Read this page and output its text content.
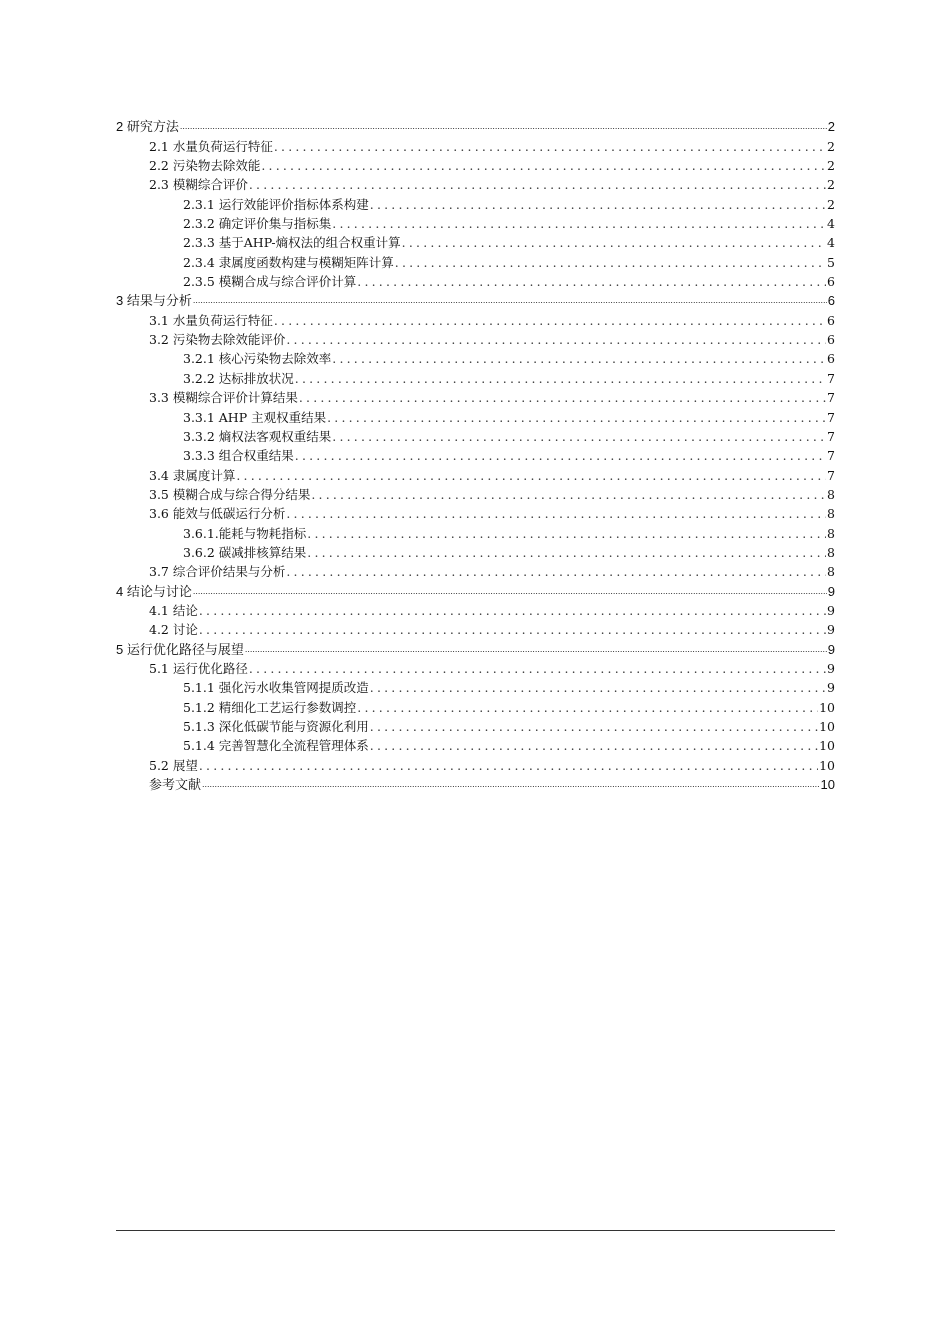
2 研究方法 .....	2
2.1 水量负荷运行特征 .....	2
2.2 污染物去除效能 .....	2
2.3 模糊综合评价 .....	2
2.3.1 运行效能评价指标体系构建 .....	2
2.3.2 确定评价集与指标集 .....	4
2.3.3 基于AHP-熵权法的组合权重计算 .....	4
2.3.4 隶属度函数构建与模糊矩阵计算 .....	5
2.3.5 模糊合成与综合评价计算 .....	6
3 结果与分析 .....	6
3.1 水量负荷运行特征 .....	6
3.2 污染物去除效能评价 .....	6
3.2.1 核心污染物去除效率 .....	6
3.2.2 达标排放状况 .....	7
3.3 模糊综合评价计算结果 .....	7
3.3.1 AHP 主观权重结果 .....	7
3.3.2 熵权法客观权重结果 .....	7
3.3.3 组合权重结果 .....	7
3.4 隶属度计算 .....	7
3.5 模糊合成与综合得分结果 .....	8
3.6 能效与低碳运行分析 .....	8
3.6.1.能耗与物耗指标 .....	8
3.6.2 碳减排核算结果 .....	8
3.7 综合评价结果与分析 .....	8
4 结论与讨论 .....	9
4.1 结论 .....	9
4.2 讨论 .....	9
5 运行优化路径与展望 .....	9
5.1 运行优化路径 .....	9
5.1.1 强化污水收集管网提质改造 .....	9
5.1.2 精细化工艺运行参数调控 .....	10
5.1.3 深化低碳节能与资源化利用 .....	10
5.1.4 完善智慧化全流程管理体系 .....	10
5.2 展望 .....	10
参考文献 .....	10
